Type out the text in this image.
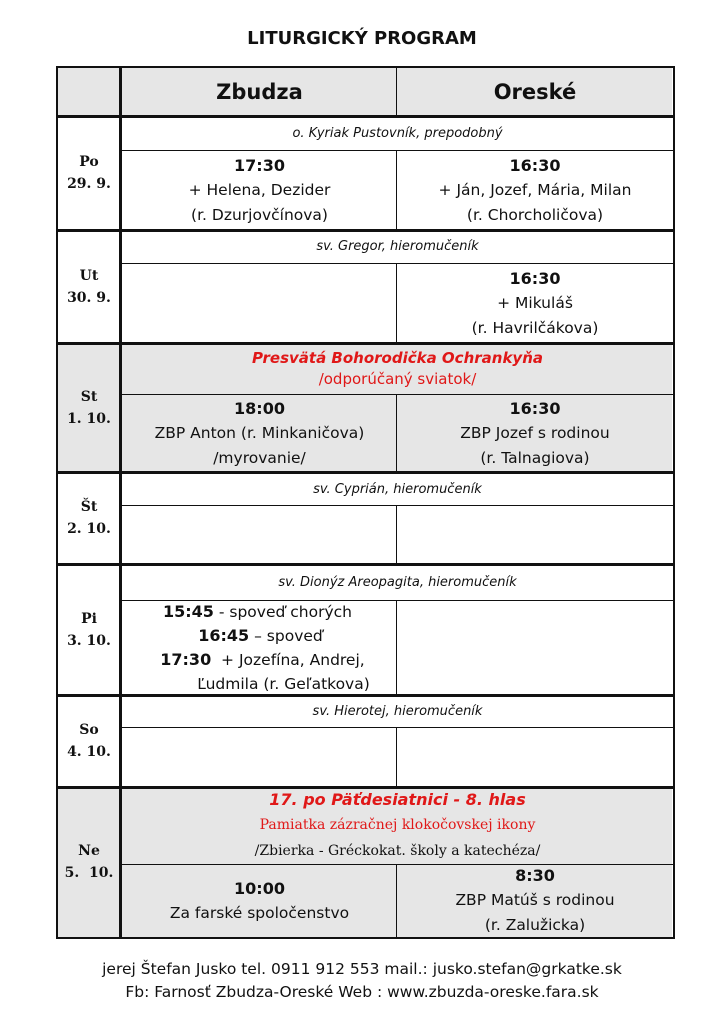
LITURGICKÝ PROGRAM
Zbudza	Oreské
Po
29. 9.
o. Kyriak Pustovník, prepodobný
17:30
+ Helena, Dezider
(r. Dzurjovčínova)
16:30
+ Ján, Jozef, Mária, Milan
(r. Chorcholičova)
Ut
30. 9.
sv. Gregor, hieromučeník
16:30
+ Mikuláš
(r. Havrilčákova)
St
1. 10.
Presvätá Bohorodička Ochrankyňa
/odporúčaný sviatok/
18:00
ZBP Anton (r. Minkaničova)
/myrovanie/
16:30
ZBP Jozef s rodinou
(r. Talnagiova)
Št
2. 10.
sv. Cyprián, hieromučeník
Pi
3. 10.
sv. Dionýz Areopagita, hieromučeník
15:45 - spoveď chorých
16:45 – spoveď
17:30  + Jozefína, Andrej,
Ľudmila (r. Geľatkova)
So
4. 10.
sv. Hierotej, hieromučeník
Ne
5.  10.
17. po Päťdesiatnici - 8. hlas
Pamiatka zázračnej klokočovskej ikony
/Zbierka - Gréckokat. školy a katechéza/
10:00
Za farské spoločenstvo
8:30
ZBP Matúš s rodinou
(r. Zalužicka)
jerej Štefan Jusko tel. 0911 912 553 mail.: jusko.stefan@grkatke.sk
Fb: Farnosť Zbudza-Oreské Web : www.zbuzda-oreske.fara.sk
